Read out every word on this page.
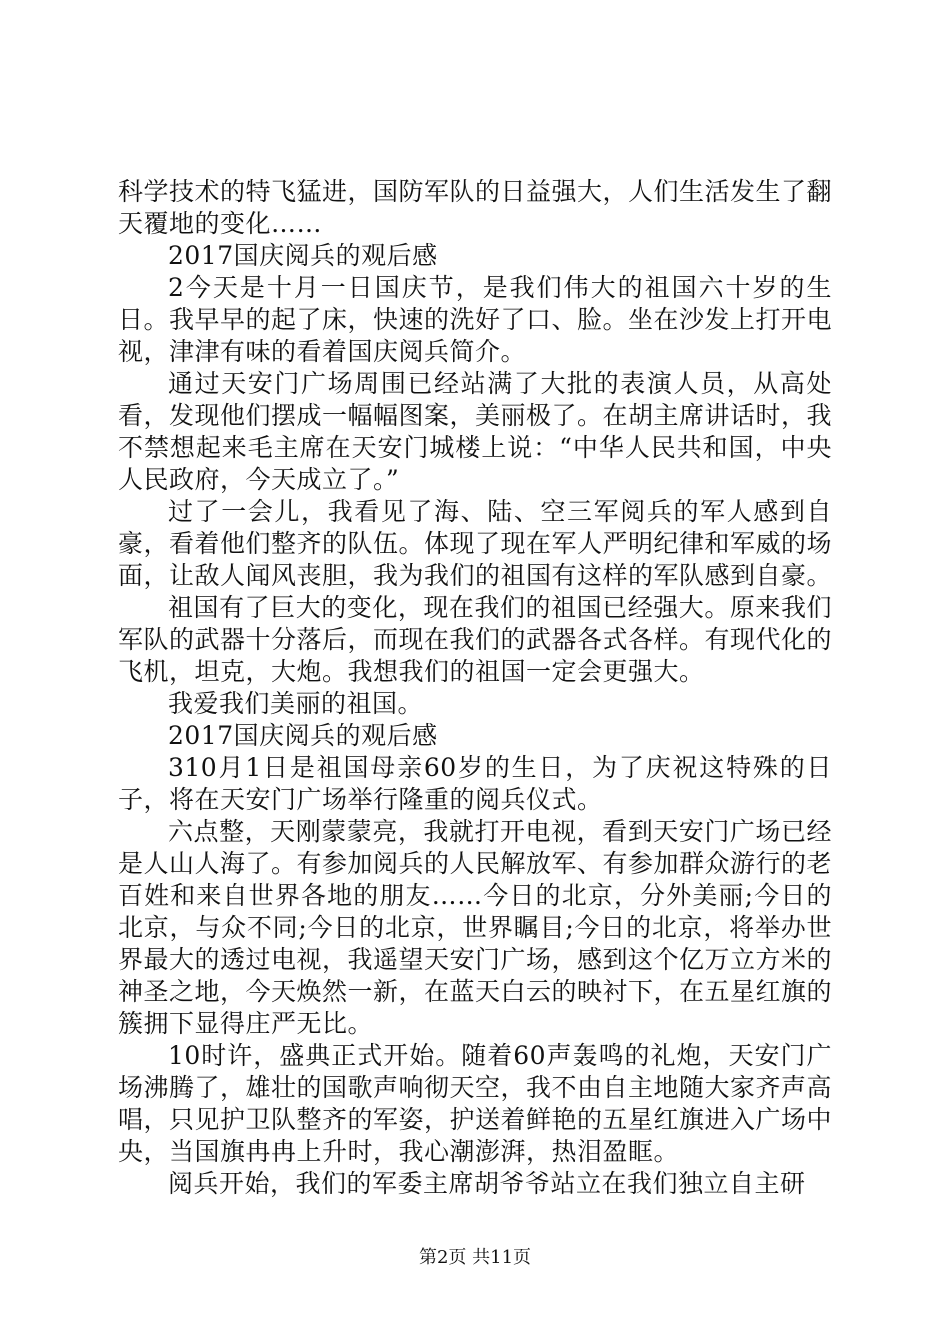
科学技术的特飞猛进，国防军队的日益强大，人们生活发生了翻天覆地的变化……

2017国庆阅兵的观后感

2今天是十月一日国庆节，是我们伟大的祖国六十岁的生日。我早早的起了床，快速的洗好了口、脸。坐在沙发上打开电视，津津有味的看着国庆阅兵简介。

通过天安门广场周围已经站满了大批的表演人员，从高处看，发现他们摆成一幅幅图案，美丽极了。在胡主席讲话时，我不禁想起来毛主席在天安门城楼上说：“中华人民共和国，中央人民政府，今天成立了。”

过了一会儿，我看见了海、陆、空三军阅兵的军人感到自豪，看着他们整齐的队伍。体现了现在军人严明纪律和军威的场面，让敌人闻风丧胆，我为我们的祖国有这样的军队感到自豪。

祖国有了巨大的变化，现在我们的祖国已经强大。原来我们军队的武器十分落后，而现在我们的武器各式各样。有现代化的飞机，坦克，大炮。我想我们的祖国一定会更强大。

我爱我们美丽的祖国。

2017国庆阅兵的观后感

310月1日是祖国母亲60岁的生日，为了庆祝这特殊的日子，将在天安门广场举行隆重的阅兵仪式。

六点整，天刚蒙蒙亮，我就打开电视，看到天安门广场已经是人山人海了。有参加阅兵的人民解放军、有参加群众游行的老百姓和来自世界各地的朋友……今日的北京，分外美丽;今日的北京，与众不同;今日的北京，世界瞩目;今日的北京，将举办世界最大的透过电视，我遥望天安门广场，感到这个亿万立方米的神圣之地，今天焕然一新，在蓝天白云的映衬下，在五星红旗的簇拥下显得庄严无比。

10时许，盛典正式开始。随着60声轰鸣的礼炮，天安门广场沸腾了，雄壮的国歌声响彻天空，我不由自主地随大家齐声高唱，只见护卫队整齐的军姿，护送着鲜艳的五星红旗进入广场中央，当国旗冉冉上升时，我心潮澎湃，热泪盈眶。

阅兵开始，我们的军委主席胡爷爷站立在我们独立自主研

第2页 共11页
